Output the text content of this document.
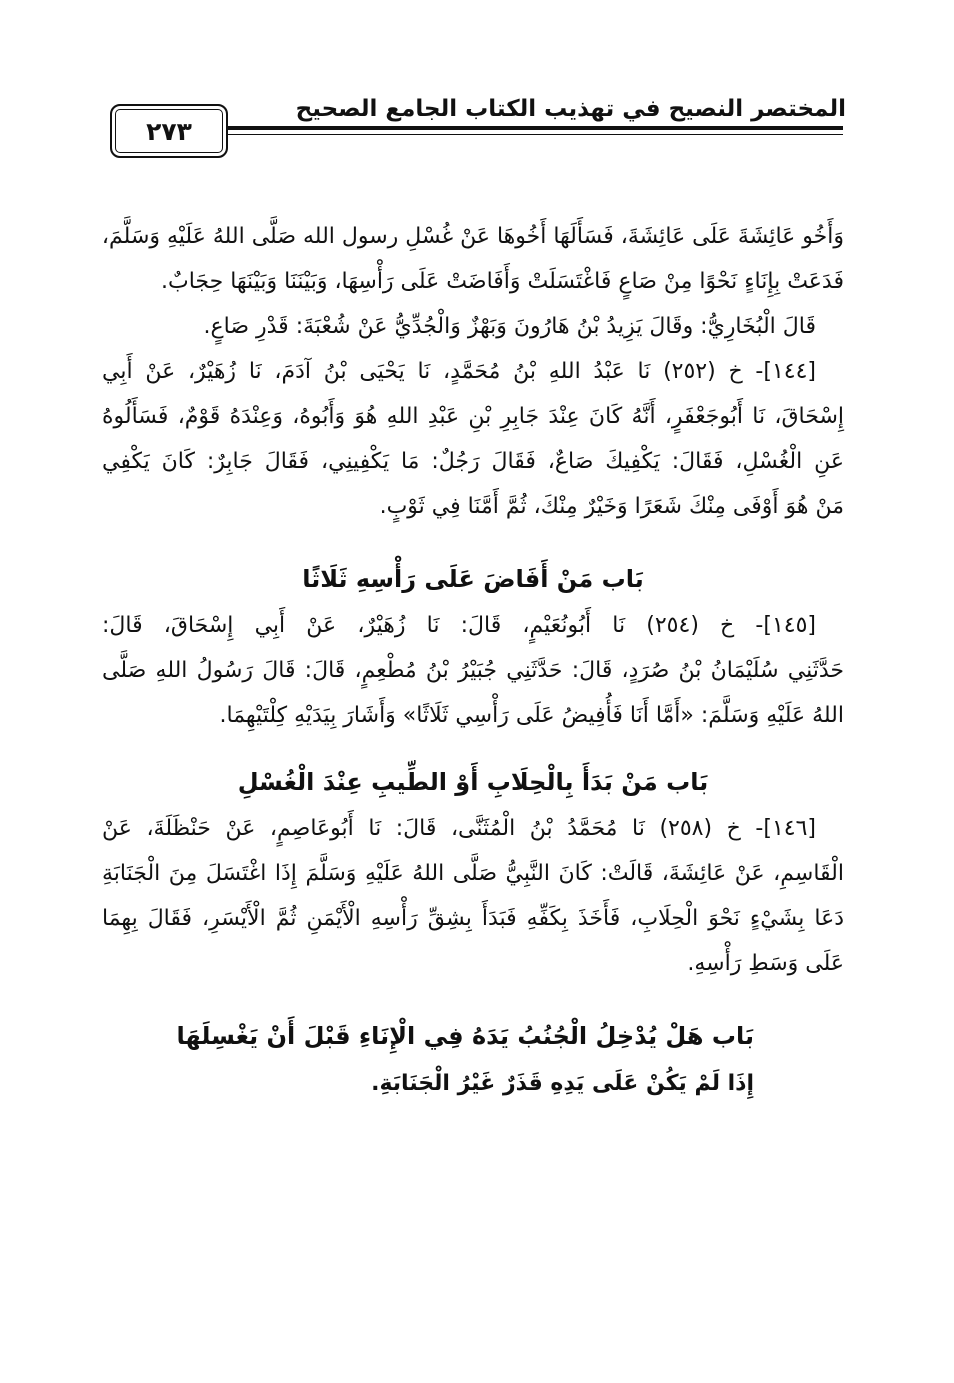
المختصر النصيح في تهذيب الكتاب الجامع الصحيح
٢٧٣
وَأَخُو عَائِشَةَ عَلَى عَائِشَةَ، فَسَأَلَهَا أَخُوهَا عَنْ غُسْلِ رسول الله صَلَّى اللهُ عَلَيْهِ وَسَلَّمَ،
فَدَعَتْ بِإِنَاءٍ نَحْوًا مِنْ صَاعٍ فَاغْتَسَلَتْ وَأَفَاضَتْ عَلَى رَأْسِهَا، وَبَيْنَنَا وَبَيْنَهَا حِجَابٌ.
قَالَ الْبُخَارِيُّ: وقَالَ يَزِيدُ بْنُ هَارُونَ وَبَهْزٌ وَالْجُدِّيُّ عَنْ شُعْبَةَ: قَدْرِ صَاعٍ.
[١٤٤]- خ (٢٥٢) نَا عَبْدُ اللهِ بْنُ مُحَمَّدٍ، نَا يَحْيَى بْنُ آدَمَ، نَا زُهَيْرٌ، عَنْ أَبِي
إِسْحَاقَ، نَا أَبُوجَعْفَرٍ، أَنَّهُ كَانَ عِنْدَ جَابِرِ بْنِ عَبْدِ اللهِ هُوَ وَأَبُوهُ، وَعِنْدَهُ قَوْمٌ، فَسَأَلُوهُ
عَنِ الْغُسْلِ، فَقَالَ: يَكْفِيكَ صَاعٌ، فَقَالَ رَجُلٌ: مَا يَكْفِينِي، فَقَالَ جَابِرٌ: كَانَ يَكْفِي
مَنْ هُوَ أَوْفَى مِنْكَ شَعَرًا وَخَيْرٌ مِنْكَ، ثُمَّ أَمَّنَا فِي ثَوْبٍ.
بَاب مَنْ أَفَاضَ عَلَى رَأْسِهِ ثَلَاثًا
[١٤٥]- خ (٢٥٤) نَا أَبُونُعَيْمٍ، قَالَ: نَا زُهَيْرٌ، عَنْ أَبِي إِسْحَاقَ، قَالَ:
حَدَّثَنِي سُلَيْمَانُ بْنُ صُرَدٍ، قَالَ: حَدَّثَنِي جُبَيْرُ بْنُ مُطْعِمٍ، قَالَ: قَالَ رَسُولُ اللهِ صَلَّى
اللهُ عَلَيْهِ وَسَلَّمَ: «أَمَّا أَنَا فَأُفِيضُ عَلَى رَأْسِي ثَلَاثًا» وَأَشَارَ بِيَدَيْهِ كِلْتَيْهِمَا.
بَاب مَنْ بَدَأَ بِالْحِلَابِ أَوْ الطِّيبِ عِنْدَ الْغُسْلِ
[١٤٦]- خ (٢٥٨) نَا مُحَمَّدُ بْنُ الْمُثَنَّى، قَالَ: نَا أَبُوعَاصِمٍ، عَنْ حَنْظَلَةَ، عَنْ
الْقَاسِمِ، عَنْ عَائِشَةَ، قَالَتْ: كَانَ النَّبِيُّ صَلَّى اللهُ عَلَيْهِ وَسَلَّمَ إِذَا اغْتَسَلَ مِنَ الْجَنَابَةِ
دَعَا بِشَيْءٍ نَحْوَ الْحِلَابِ، فَأَخَذَ بِكَفِّهِ فَبَدَأَ بِشِقِّ رَأْسِهِ الْأَيْمَنِ ثُمَّ الْأَيْسَرِ، فَقَالَ بِهِمَا
عَلَى وَسَطِ رَأْسِهِ.
بَاب هَلْ يُدْخِلُ الْجُنُبُ يَدَهُ فِي الْإِنَاءِ قَبْلَ أَنْ يَغْسِلَهَا
إِذَا لَمْ يَكُنْ عَلَى يَدِهِ قَذَرٌ غَيْرُ الْجَنَابَةِ.
